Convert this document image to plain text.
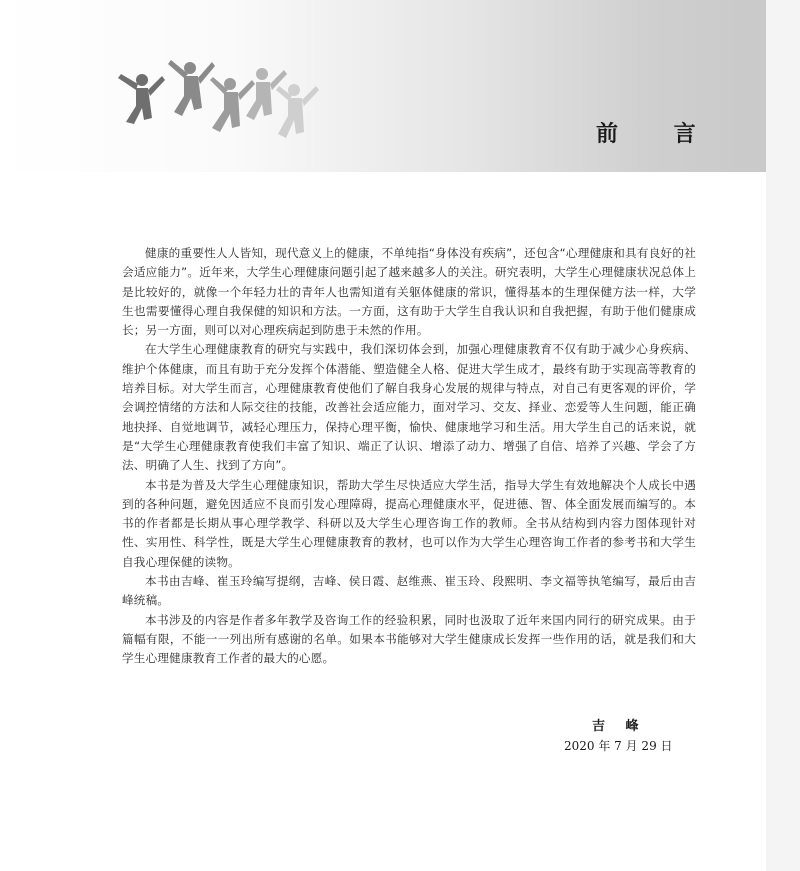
前 言

健康的重要性人人皆知，现代意义上的健康，不单纯指“身体没有疾病”，还包含“心理健康和具有良好的社会适应能力”。近年来，大学生心理健康问题引起了越来越多人的关注。研究表明，大学生心理健康状况总体上是比较好的，就像一个年轻力壮的青年人也需知道有关躯体健康的常识，懂得基本的生理保健方法一样，大学生也需要懂得心理自我保健的知识和方法。一方面，这有助于大学生自我认识和自我把握，有助于他们健康成长；另一方面，则可以对心理疾病起到防患于未然的作用。

在大学生心理健康教育的研究与实践中，我们深切体会到，加强心理健康教育不仅有助于减少心身疾病、维护个体健康，而且有助于充分发挥个体潜能、塑造健全人格、促进大学生成才，最终有助于实现高等教育的培养目标。对大学生而言，心理健康教育使他们了解自我身心发展的规律与特点，对自己有更客观的评价，学会调控情绪的方法和人际交往的技能，改善社会适应能力，面对学习、交友、择业、恋爱等人生问题，能正确地抉择、自觉地调节，减轻心理压力，保持心理平衡，愉快、健康地学习和生活。用大学生自己的话来说，就是“大学生心理健康教育使我们丰富了知识、端正了认识、增添了动力、增强了自信、培养了兴趣、学会了方法、明确了人生、找到了方向”。

本书是为普及大学生心理健康知识，帮助大学生尽快适应大学生活，指导大学生有效地解决个人成长中遇到的各种问题，避免因适应不良而引发心理障碍，提高心理健康水平，促进德、智、体全面发展而编写的。本书的作者都是长期从事心理学教学、科研以及大学生心理咨询工作的教师。全书从结构到内容力图体现针对性、实用性、科学性，既是大学生心理健康教育的教材，也可以作为大学生心理咨询工作者的参考书和大学生自我心理保健的读物。

本书由吉峰、崔玉玲编写提纲，吉峰、侯日霞、赵维燕、崔玉玲、段熙明、李文福等执笔编写，最后由吉峰统稿。

本书涉及的内容是作者多年教学及咨询工作的经验积累，同时也汲取了近年来国内同行的研究成果。由于篇幅有限，不能一一列出所有感谢的名单。如果本书能够对大学生健康成长发挥一些作用的话，就是我们和大学生心理健康教育工作者的最大的心愿。

吉 峰
2020 年 7 月 29 日
